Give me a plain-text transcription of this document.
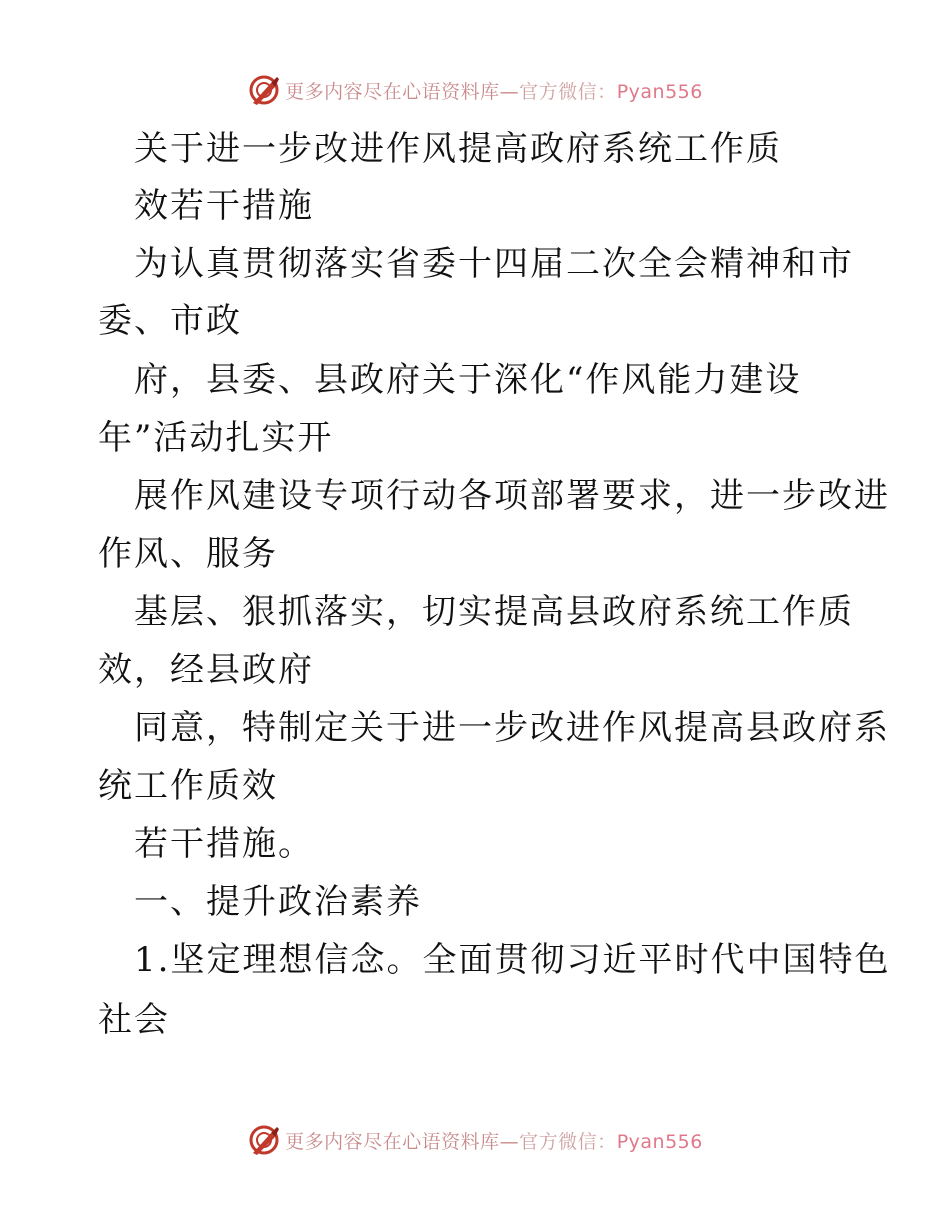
更多内容尽在心语资料库—官方微信：Pyan556
关于进一步改进作风提高政府系统工作质
效若干措施
为认真贯彻落实省委十四届二次全会精神和市
委、市政
府，县委、县政府关于深化“作风能力建设
年”活动扎实开
展作风建设专项行动各项部署要求，进一步改进
作风、服务
基层、狠抓落实，切实提高县政府系统工作质
效，经县政府
同意，特制定关于进一步改进作风提高县政府系
统工作质效
若干措施。
一、提升政治素养
1.坚定理想信念。全面贯彻习近平时代中国特色
社会
更多内容尽在心语资料库—官方微信：Pyan556
